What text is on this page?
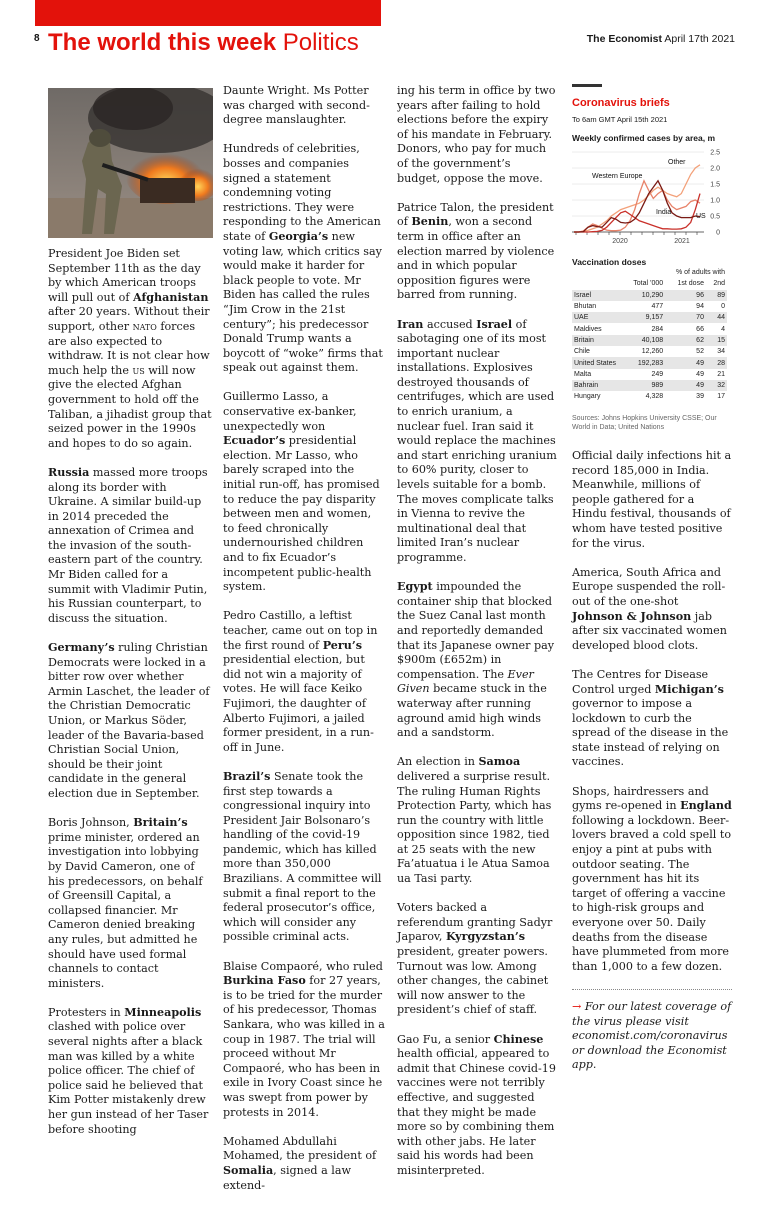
8 The world this week Politics	The Economist April 17th 2021

President Joe Biden set September 11th as the day by which American troops will pull out of Afghanistan after 20 years. Without their support, other nato forces are also expected to withdraw. It is not clear how much help the us will now give the elected Afghan government to hold off the Taliban, a jihadist group that seized power in the 1990s and hopes to do so again.

Russia massed more troops along its border with Ukraine. A similar build-up in 2014 preceded the annexation of Crimea and the invasion of the south-eastern part of the country. Mr Biden called for a summit with Vladimir Putin, his Russian counterpart, to discuss the situation.

Germany’s ruling Christian Democrats were locked in a bitter row over whether Armin Laschet, the leader of the Christian Democratic Union, or Markus Söder, leader of the Bavaria-based Christian Social Union, should be their joint candidate in the general election due in September.

Boris Johnson, Britain’s prime minister, ordered an investigation into lobbying by David Cameron, one of his predecessors, on behalf of Greensill Capital, a collapsed financier. Mr Cameron denied breaking any rules, but admitted he should have used formal channels to contact ministers.

Protesters in Minneapolis clashed with police over several nights after a black man was killed by a white police officer. The chief of police said he believed that Kim Potter mistakenly drew her gun instead of her Taser before shooting

Daunte Wright. Ms Potter was charged with second-degree manslaughter.

Hundreds of celebrities, bosses and companies signed a statement condemning voting restrictions. They were responding to the American state of Georgia’s new voting law, which critics say would make it harder for black people to vote. Mr Biden has called the rules “Jim Crow in the 21st century”; his predecessor Donald Trump wants a boycott of “woke” firms that speak out against them.

Guillermo Lasso, a conservative ex-banker, unexpectedly won Ecuador’s presidential election. Mr Lasso, who barely scraped into the initial run-off, has promised to reduce the pay disparity between men and women, to feed chronically undernourished children and to fix Ecuador’s incompetent public-health system.

Pedro Castillo, a leftist teacher, came out on top in the first round of Peru’s presidential election, but did not win a majority of votes. He will face Keiko Fujimori, the daughter of Alberto Fujimori, a jailed former president, in a run-off in June.

Brazil’s Senate took the first step towards a congressional inquiry into President Jair Bolsonaro’s handling of the covid-19 pandemic, which has killed more than 350,000 Brazilians. A committee will submit a final report to the federal prosecutor’s office, which will consider any possible criminal acts.

Blaise Compaoré, who ruled Burkina Faso for 27 years, is to be tried for the murder of his predecessor, Thomas Sankara, who was killed in a coup in 1987. The trial will proceed without Mr Compaoré, who has been in exile in Ivory Coast since he was swept from power by protests in 2014.

Mohamed Abdullahi Mohamed, the president of Somalia, signed a law extend-

ing his term in office by two years after failing to hold elections before the expiry of his mandate in February. Donors, who pay for much of the government’s budget, oppose the move.

Patrice Talon, the president of Benin, won a second term in office after an election marred by violence and in which popular opposition figures were barred from running.

Iran accused Israel of sabotaging one of its most important nuclear installations. Explosives destroyed thousands of centrifuges, which are used to enrich uranium, a nuclear fuel. Iran said it would replace the machines and start enriching uranium to 60% purity, closer to levels suitable for a bomb. The moves complicate talks in Vienna to revive the multinational deal that limited Iran’s nuclear programme.

Egypt impounded the container ship that blocked the Suez Canal last month and reportedly demanded that its Japanese owner pay $900m (£652m) in compensation. The Ever Given became stuck in the waterway after running aground amid high winds and a sandstorm.

An election in Samoa delivered a surprise result. The ruling Human Rights Protection Party, which has run the country with little opposition since 1982, tied at 25 seats with the new Fa’atuatua i le Atua Samoa ua Tasi party.

Voters backed a referendum granting Sadyr Japarov, Kyrgyzstan’s president, greater powers. Turnout was low. Among other changes, the cabinet will now answer to the president’s chief of staff.

Gao Fu, a senior Chinese health official, appeared to admit that Chinese covid-19 vaccines were not terribly effective, and suggested that they might be made more so by combining them with other jabs. He later said his words had been misinterpreted.

Coronavirus briefs
To 6am GMT April 15th 2021
Weekly confirmed cases by area, m
0
0.5
1.0
1.5
2.0
2.5
2020	2021
Other
Western Europe
India
US
Vaccination doses
		% of adults with	
	Total ’000	1st dose	2nd
Israel	10,290	96	89
Bhutan	477	94	0
UAE	9,157	70	44
Maldives	284	66	4
Britain	40,108	62	15
Chile	12,260	52	34
United States	192,283	49	28
Malta	249	49	21
Bahrain	989	49	32
Hungary	4,328	39	17
Sources: Johns Hopkins University CSSE; Our World in Data; United Nations

Official daily infections hit a record 185,000 in India. Meanwhile, millions of people gathered for a Hindu festival, thousands of whom have tested positive for the virus.

America, South Africa and Europe suspended the roll-out of the one-shot Johnson & Johnson jab after six vaccinated women developed blood clots.

The Centres for Disease Control urged Michigan’s governor to impose a lockdown to curb the spread of the disease in the state instead of relying on vaccines.

Shops, hairdressers and gyms re-opened in England following a lockdown. Beer-lovers braved a cold spell to enjoy a pint at pubs with outdoor seating. The government has hit its target of offering a vaccine to high-risk groups and everyone over 50. Daily deaths from the disease have plummeted from more than 1,000 to a few dozen.

→ For our latest coverage of the virus please visit economist.com/coronavirus or download the Economist app.
